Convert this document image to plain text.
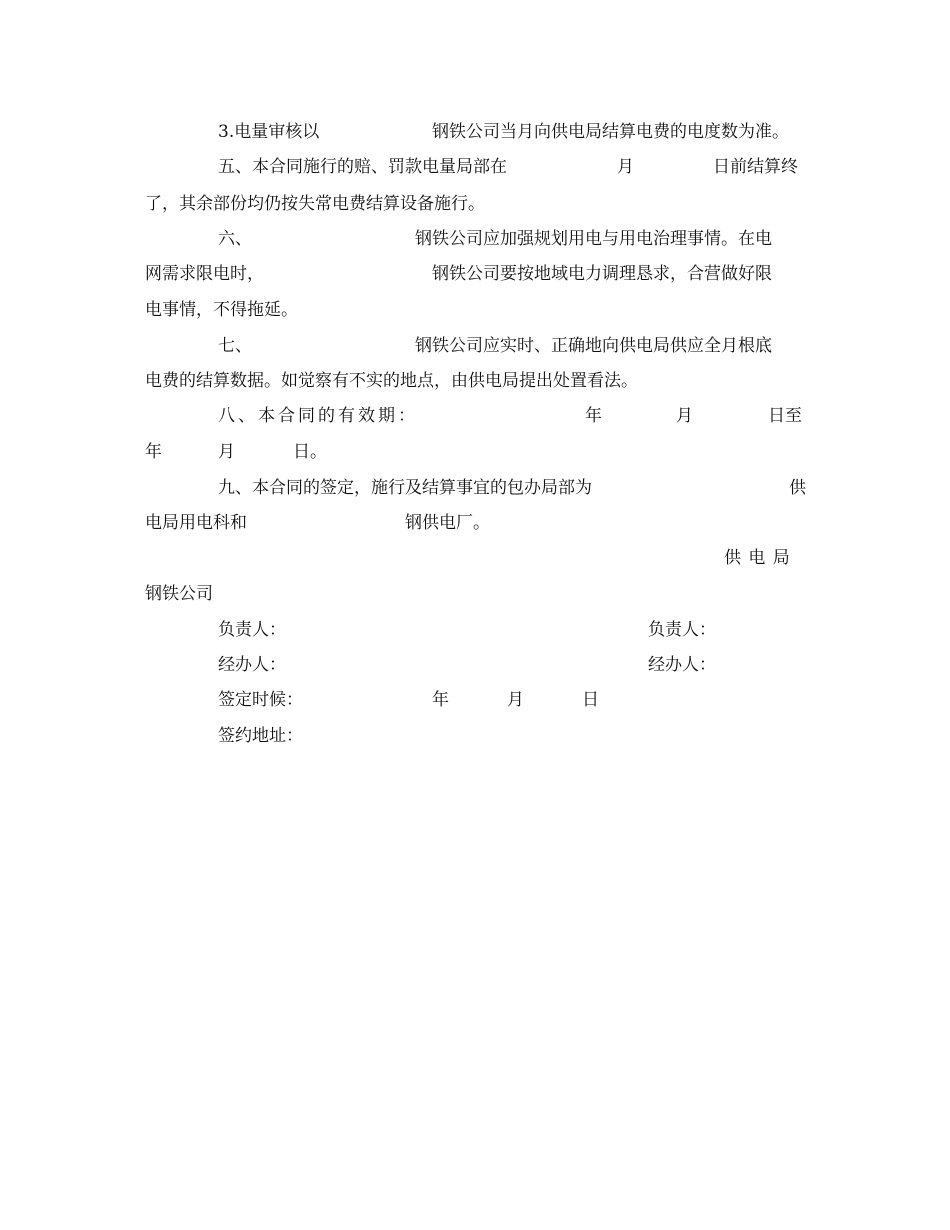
3.电量审核以	钢铁公司当月向供电局结算电费的电度数为准。

五、本合同施行的赔、罚款电量局部在	月	日前结算终

了，其余部份均仍按失常电费结算设备施行。

六、	钢铁公司应加强规划用电与用电治理事情。在电

网需求限电时，	钢铁公司要按地域电力调理恳求，合营做好限

电事情，不得拖延。

七、	钢铁公司应实时、正确地向供电局供应全月根底

电费的结算数据。如觉察有不实的地点，由供电局提出处置看法。

八、本合同的有效期：	年	月	日至

年	月	日。

九、本合同的签定，施行及结算事宜的包办局部为	供

电局用电科和	钢供电厂。

供 电 局

钢铁公司

负责人：	负责人：

经办人：	经办人：

签定时候：	年	月	日

签约地址：
